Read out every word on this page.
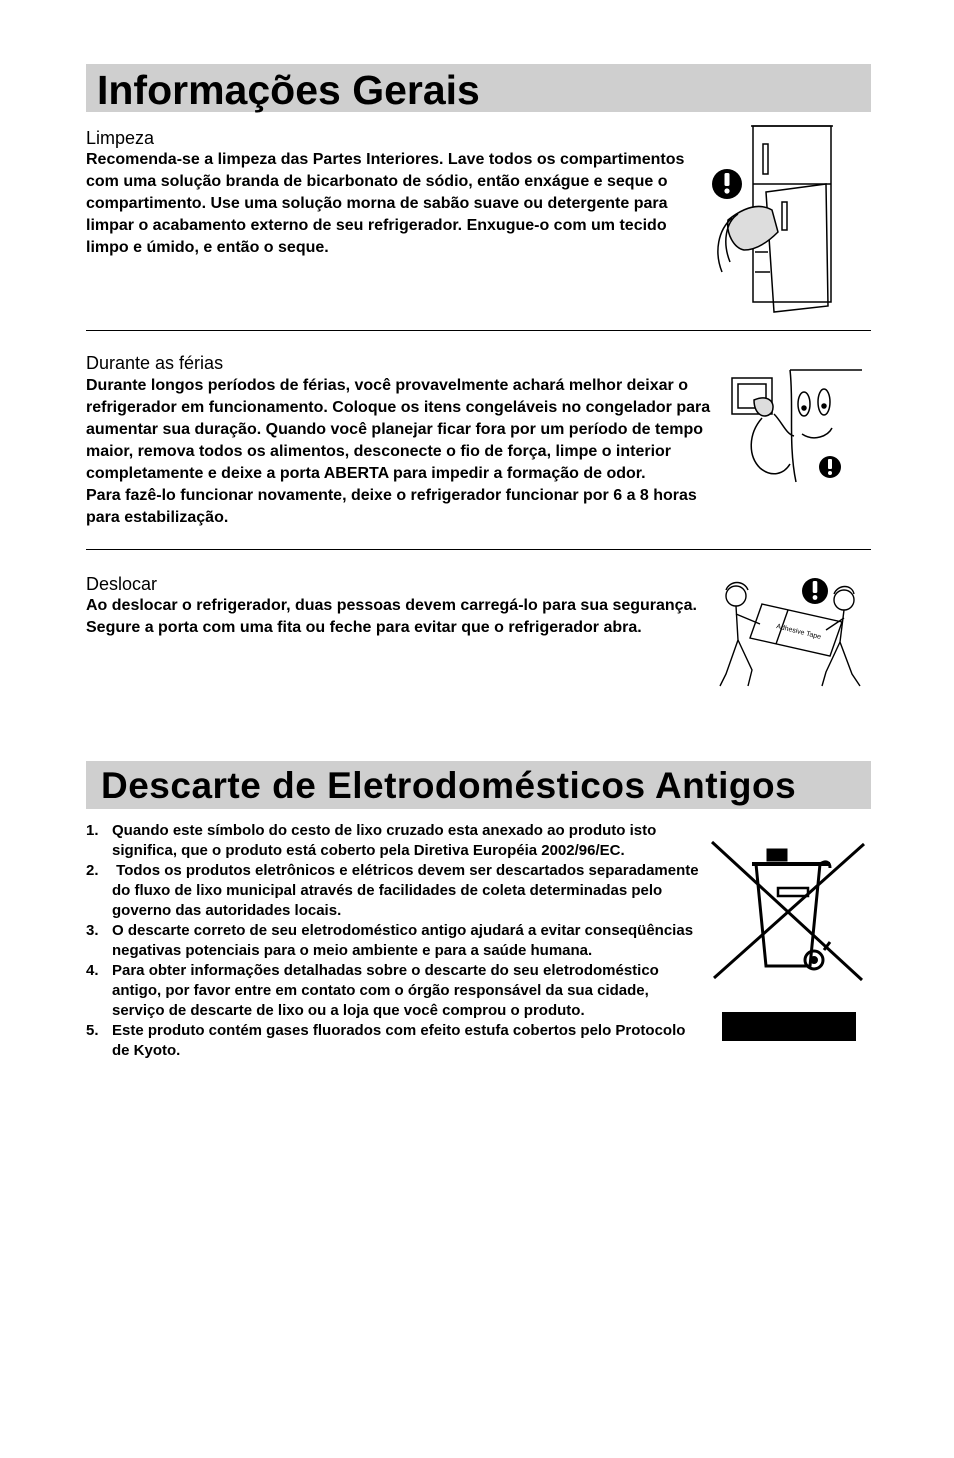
Informações Gerais
Limpeza

Recomenda-se a limpeza das Partes Interiores. Lave todos os compartimentos

com uma solução branda de bicarbonato de sódio, então enxágue e seque o

compartimento. Use uma solução morna de sabão suave ou detergente para

limpar o acabamento externo de seu refrigerador. Enxugue-o com um tecido

limpo e úmido, e então o seque.

Durante as férias

Durante longos períodos de férias, você provavelmente achará melhor deixar o

refrigerador em funcionamento. Coloque os itens congeláveis no congelador para

aumentar sua duração. Quando você planejar ficar fora por um período de tempo

maior, remova todos os alimentos, desconecte o fio de força, limpe o interior

completamente e deixe a porta ABERTA para impedir a formação de odor.

Para fazê-lo funcionar novamente, deixe o refrigerador funcionar por 6 a 8 horas

para estabilização.

Deslocar

Ao deslocar o refrigerador, duas pessoas devem carregá-lo para sua segurança.

Segure a porta com uma fita ou feche para evitar que o refrigerador abra.	Adhesive Tape
Descarte de Eletrodomésticos Antigos
1. Quando este símbolo do cesto de lixo cruzado esta anexado ao produto isto
significa, que o produto está coberto pela Diretiva Européia 2002/96/EC.
2. Todos os produtos eletrônicos e elétricos devem ser descartados separadamente
do fluxo de lixo municipal através de facilidades de coleta determinadas pelo
governo das autoridades locais.
3. O descarte correto de seu eletrodoméstico antigo ajudará a evitar conseqüências
negativas potenciais para o meio ambiente e para a saúde humana.
4. Para obter informações detalhadas sobre o descarte do seu eletrodoméstico
antigo, por favor entre em contato com o órgão responsável da sua cidade,
serviço de descarte de lixo ou a loja que você comprou o produto.
5. Este produto contém gases fluorados com efeito estufa cobertos pelo Protocolo
de Kyoto.
